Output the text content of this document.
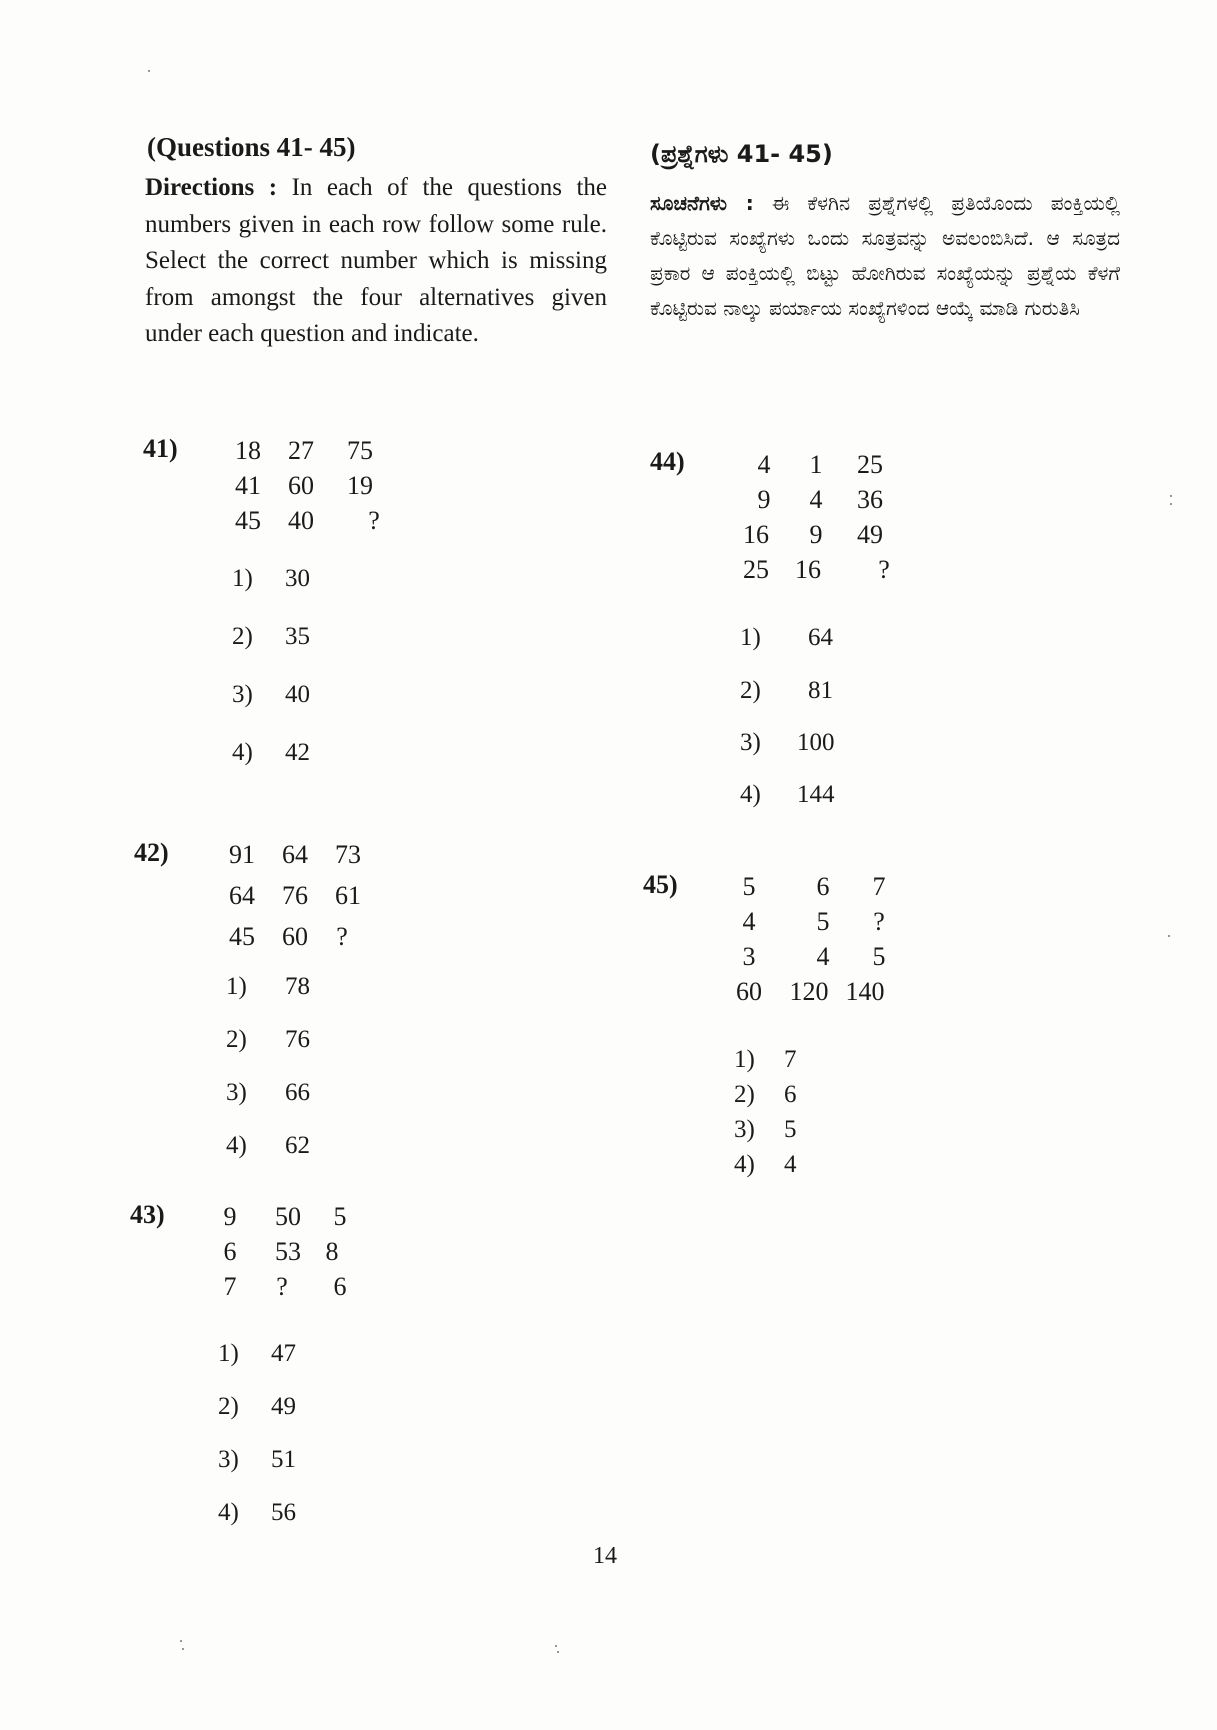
(Questions 41- 45)	(ಪ್ರಶ್ನೆಗಳು 41- 45)
Directions : In each of the questions the numbers given in each row follow some rule. Select the correct number which is missing from amongst the four alternatives given under each question and indicate.
ಸೂಚನೆಗಳು : ಈ ಕೆಳಗಿನ ಪ್ರಶ್ನೆಗಳಲ್ಲಿ ಪ್ರತಿಯೊಂದು ಪಂಕ್ತಿಯಲ್ಲಿ ಕೊಟ್ಟಿರುವ ಸಂಖ್ಯೆಗಳು ಒಂದು ಸೂತ್ರವನ್ನು ಅವಲಂಬಿಸಿದೆ. ಆ ಸೂತ್ರದ ಪ್ರಕಾರ ಆ ಪಂಕ್ತಿಯಲ್ಲಿ ಬಿಟ್ಟು ಹೋಗಿರುವ ಸಂಖ್ಯೆಯನ್ನು ಪ್ರಶ್ನೆಯ ಕೆಳಗೆ ಕೊಟ್ಟಿರುವ ನಾಲ್ಕು ಪರ್ಯಾಯ ಸಂಖ್ಯೆಗಳಿಂದ ಆಯ್ಕೆ ಮಾಡಿ ಗುರುತಿಸಿ
41)	18	27	75
41	60	19
45	40	?
1) 30
2) 35
3) 40
4) 42
42)	91	64	73
64	76	61
45	60	?
1) 78
2) 76
3) 66
4) 62
43)	9	50	5
6	53 8
7	?	6
1) 47
2) 49
3) 51
4) 56
44)	4	1	25
9	4	36
16	9	49
25	16	?
1) 64
2) 81
3) 100
4) 144
45)	5	6	7
4	5	?
3	4	5
60	120 140
1) 7
2) 6
3) 5
4) 4
14
